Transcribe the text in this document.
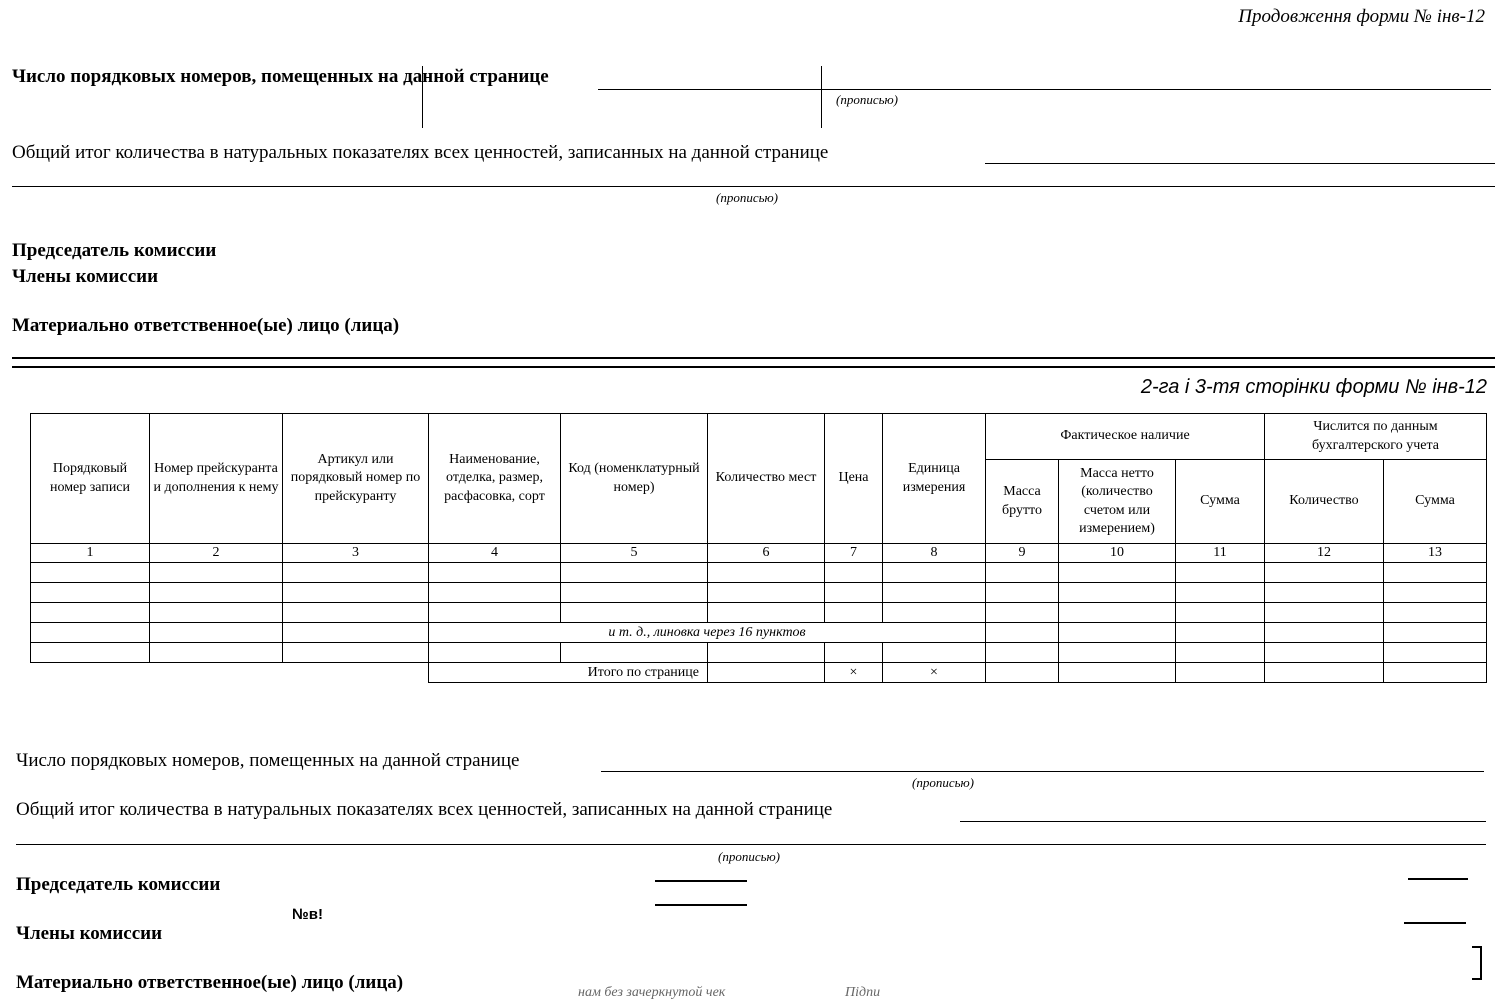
Продовження форми № інв-12
Число порядковых номеров, помещенных на данной странице
(прописью)
Общий итог количества в натуральных показателях всех ценностей, записанных на данной странице
(прописью)
Председатель комиссии
Члены комиссии
Материально ответственное(ые) лицо (лица)
2-га і 3-тя сторінки форми № інв-12
Порядковый номер записи	Номер прейскуранта и дополнения к нему	Артикул или порядковый номер по прейскуранту	Наименование, отделка, размер, расфасовка, сорт	Код (номенклатурный номер)	Количество мест	Цена	Единица измерения	Фактическое наличие			Числится по данным бухгалтерского учета	
								Масса брутто	Масса нетто (количество счетом или измерением)	Сумма	Количество	Сумма
1	2	3	4	5	6	7	8	9	10	11	12	13

			и т. д., линовка через 16 пунктов									

			Итого по странице			×	×					
Число порядковых номеров, помещенных на данной странице
(прописью)
Общий итог количества в натуральных показателях всех ценностей, записанных на данной странице
(прописью)
Председатель комиссии
Члены комиссии
Материально ответственное(ые) лицо (лица)
№в!
нам без зачеркнутой чек	Підпи
